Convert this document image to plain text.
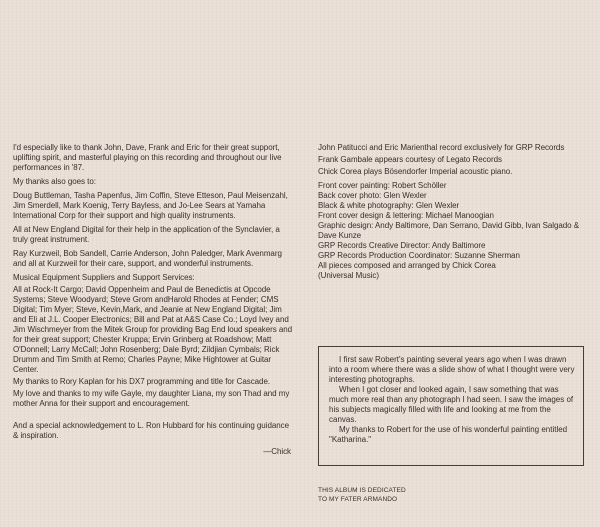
I'd especially like to thank John, Dave, Frank and Eric for their great support, uplifting spirit, and masterful playing on this recording and throughout our live performances in '87.

My thanks also goes to:

Doug Buttleman, Tasha Papenfus, Jim Coffin, Steve Etteson, Paul Meisenzahl, Jim Smerdell, Mark Koenig, Terry Bayless, and Jo-Lee Sears at Yamaha International Corp for their support and high quality instruments.

All at New England Digital for their help in the application of the Synclavier, a truly great instrument.

Ray Kurzweil, Bob Sandell, Carrie Anderson, John Paledger, Mark Avenmarg and all at Kurzweil for their care, support, and wonderful instruments.

Musical Equipment Suppliers and Support Services:

All at Rock-It Cargo; David Oppenheim and Paul de Benedictis at Opcode Systems; Steve Woodyard; Steve Grom andHarold Rhodes at Fender; CMS Digital; Tim Myer; Steve, Kevin,Mark, and Jeanie at New England Digital; Jim and Eli at J.L. Cooper Electronics; Bill and Pat at A&S Case Co.; Loyd Ivey and Jim Wischmeyer from the Mitek Group for providing Bag End loud speakers and for their great support; Chester Kruppa; Ervin Grinberg at Roadshow; Matt O'Donnell; Larry McCall; John Rosenberg; Dale Byrd; Zildjian Cymbals; Rick Drumm and Tim Smith at Remo; Charles Payne; Mike Hightower at Guitar Center.

My thanks to Rory Kaplan for his DX7 programming and title for Cascade.

My love and thanks to my wife Gayle, my daughter Liana, my son Thad and my mother Anna for their support and encouragement.

And a special acknowledgement to L. Ron Hubbard for his continuing guidance & inspiration.

—Chick

John Patitucci and Eric Marienthal record exclusively for GRP Records

Frank Gambale appears courtesy of Legato Records

Chick Corea plays Bösendorfer Imperial acoustic piano.

Front cover painting: Robert Schöller
Back cover photo: Glen Wexler
Black & white photography: Glen Wexler
Front cover design & lettering: Michael Manoogian
Graphic design: Andy Baltimore, Dan Serrano, David Gibb, Ivan Salgado & Dave Kunze
GRP Records Creative Director: Andy Baltimore
GRP Records Production Coordinator: Suzanne Sherman
All pieces composed and arranged by Chick Corea (Universal Music)

I first saw Robert's painting several years ago when I was drawn into a room where there was a slide show of what I thought were very interesting photographs.

When I got closer and looked again, I saw something that was much more real than any photograph I had seen. I saw the images of his subjects magically filled with life and looking at me from the canvas.

My thanks to Robert for the use of his wonderful painting entitled "Katharina."

THIS ALBUM IS DEDICATED
TO MY FATER ARMANDO
